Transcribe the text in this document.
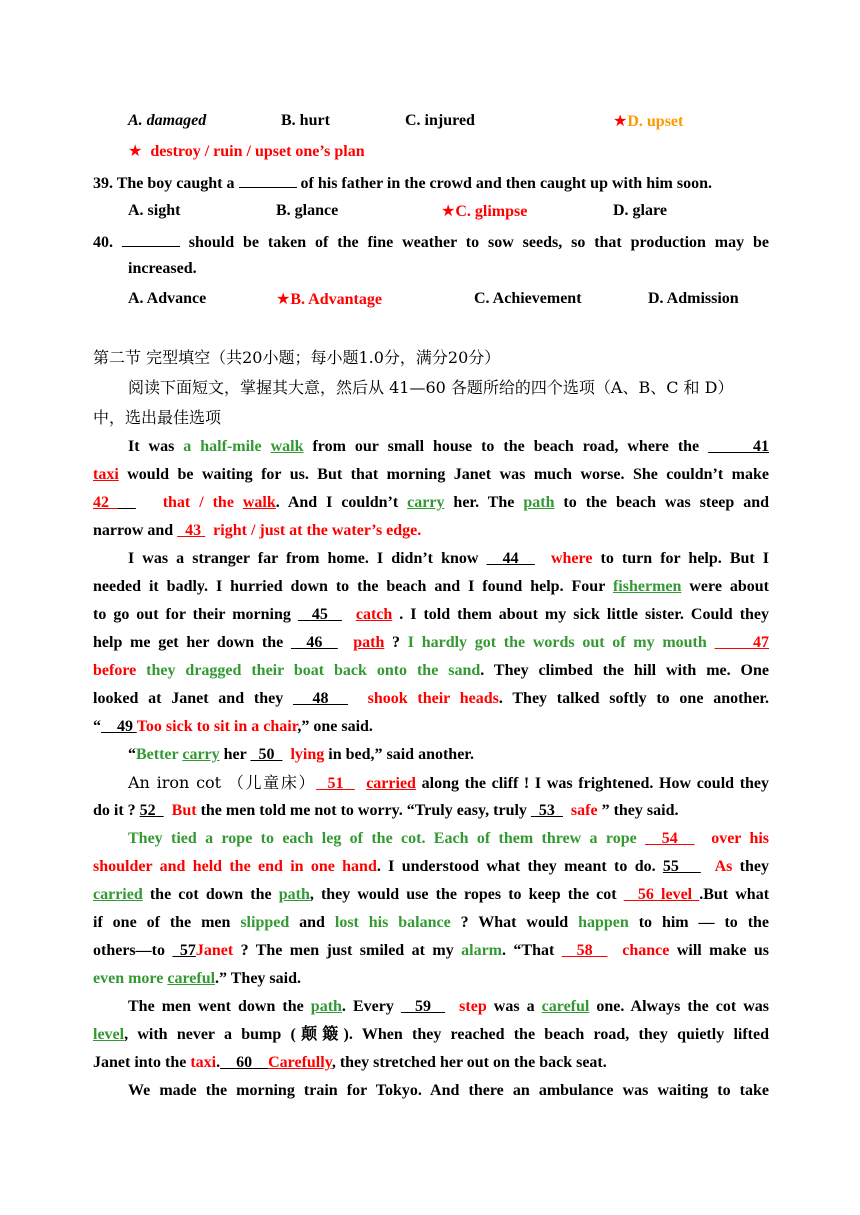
A. damaged	B. hurt	C. injured	★D. upset
★ destroy / ruin / upset one’s plan
39. The boy caught a	of his father in the crowd and then caught up with him soon.
A. sight	B. glance	★C. glimpse	D. glare
40.	should be taken of the fine weather to sow seeds, so that production may be
increased.
A. Advance	★B. Advantage	C. Achievement	D. Admission
第二节 完型填空（共20小题；每小题1.0分，满分20分）
阅读下面短文，掌握其大意，然后从 41—60 各题所给的四个选项（A、B、C 和 D）
中，选出最佳选项
It was a half-mile walk from our small house to the beach road, where the	41
taxi would be waiting for us. But that morning Janet was much worse. She couldn’t make
42	that / the walk. And I couldn’t carry her. The path to the beach was steep and
narrow and   43 right / just at the water’s edge.
I was a stranger far from home. I didn’t know   44 where to turn for help. But I
needed it badly. I hurried down to the beach and I found help. Four fishermen were about
to go out for their morning   45 catch . I told them about my sick little sister. Could they
help me get her down the   46 path ? I hardly got the words out of my mouth	47
before they dragged their boat back onto the sand. They climbed the hill with me. One
looked at Janet and they   48 shook their heads. They talked softly to one another.
“ 49 Too sick to sit in a chair,” one said.
“Better carry her   50 lying in bed,” said another.
An iron cot （儿童床） 51 carried along the cliff ! I was frightened. How could they
do it ? 52 But the men told me not to worry. “Truly easy, truly   53 safe ” they said.
They tied a rope to each leg of the cot. Each of them threw a rope   54 over his
shoulder and held the end in one hand. I understood what they meant to do. 55 As they
carried the cot down the path, they would use the ropes to keep the cot   56 level .But what
if one of the men slipped and lost his balance ? What would happen to him — to the
others—to  57Janet ? The men just smiled at my alarm. “That   58 chance will make us
even more careful.” They said.
The men went down the path. Every   59 step was a careful one. Always the cot was
level, with never a bump (颠簸). When they reached the beach road, they quietly lifted
Janet into the taxi. 60 Carefully, they stretched her out on the back seat.
We made the morning train for Tokyo. And there an ambulance was waiting to take
